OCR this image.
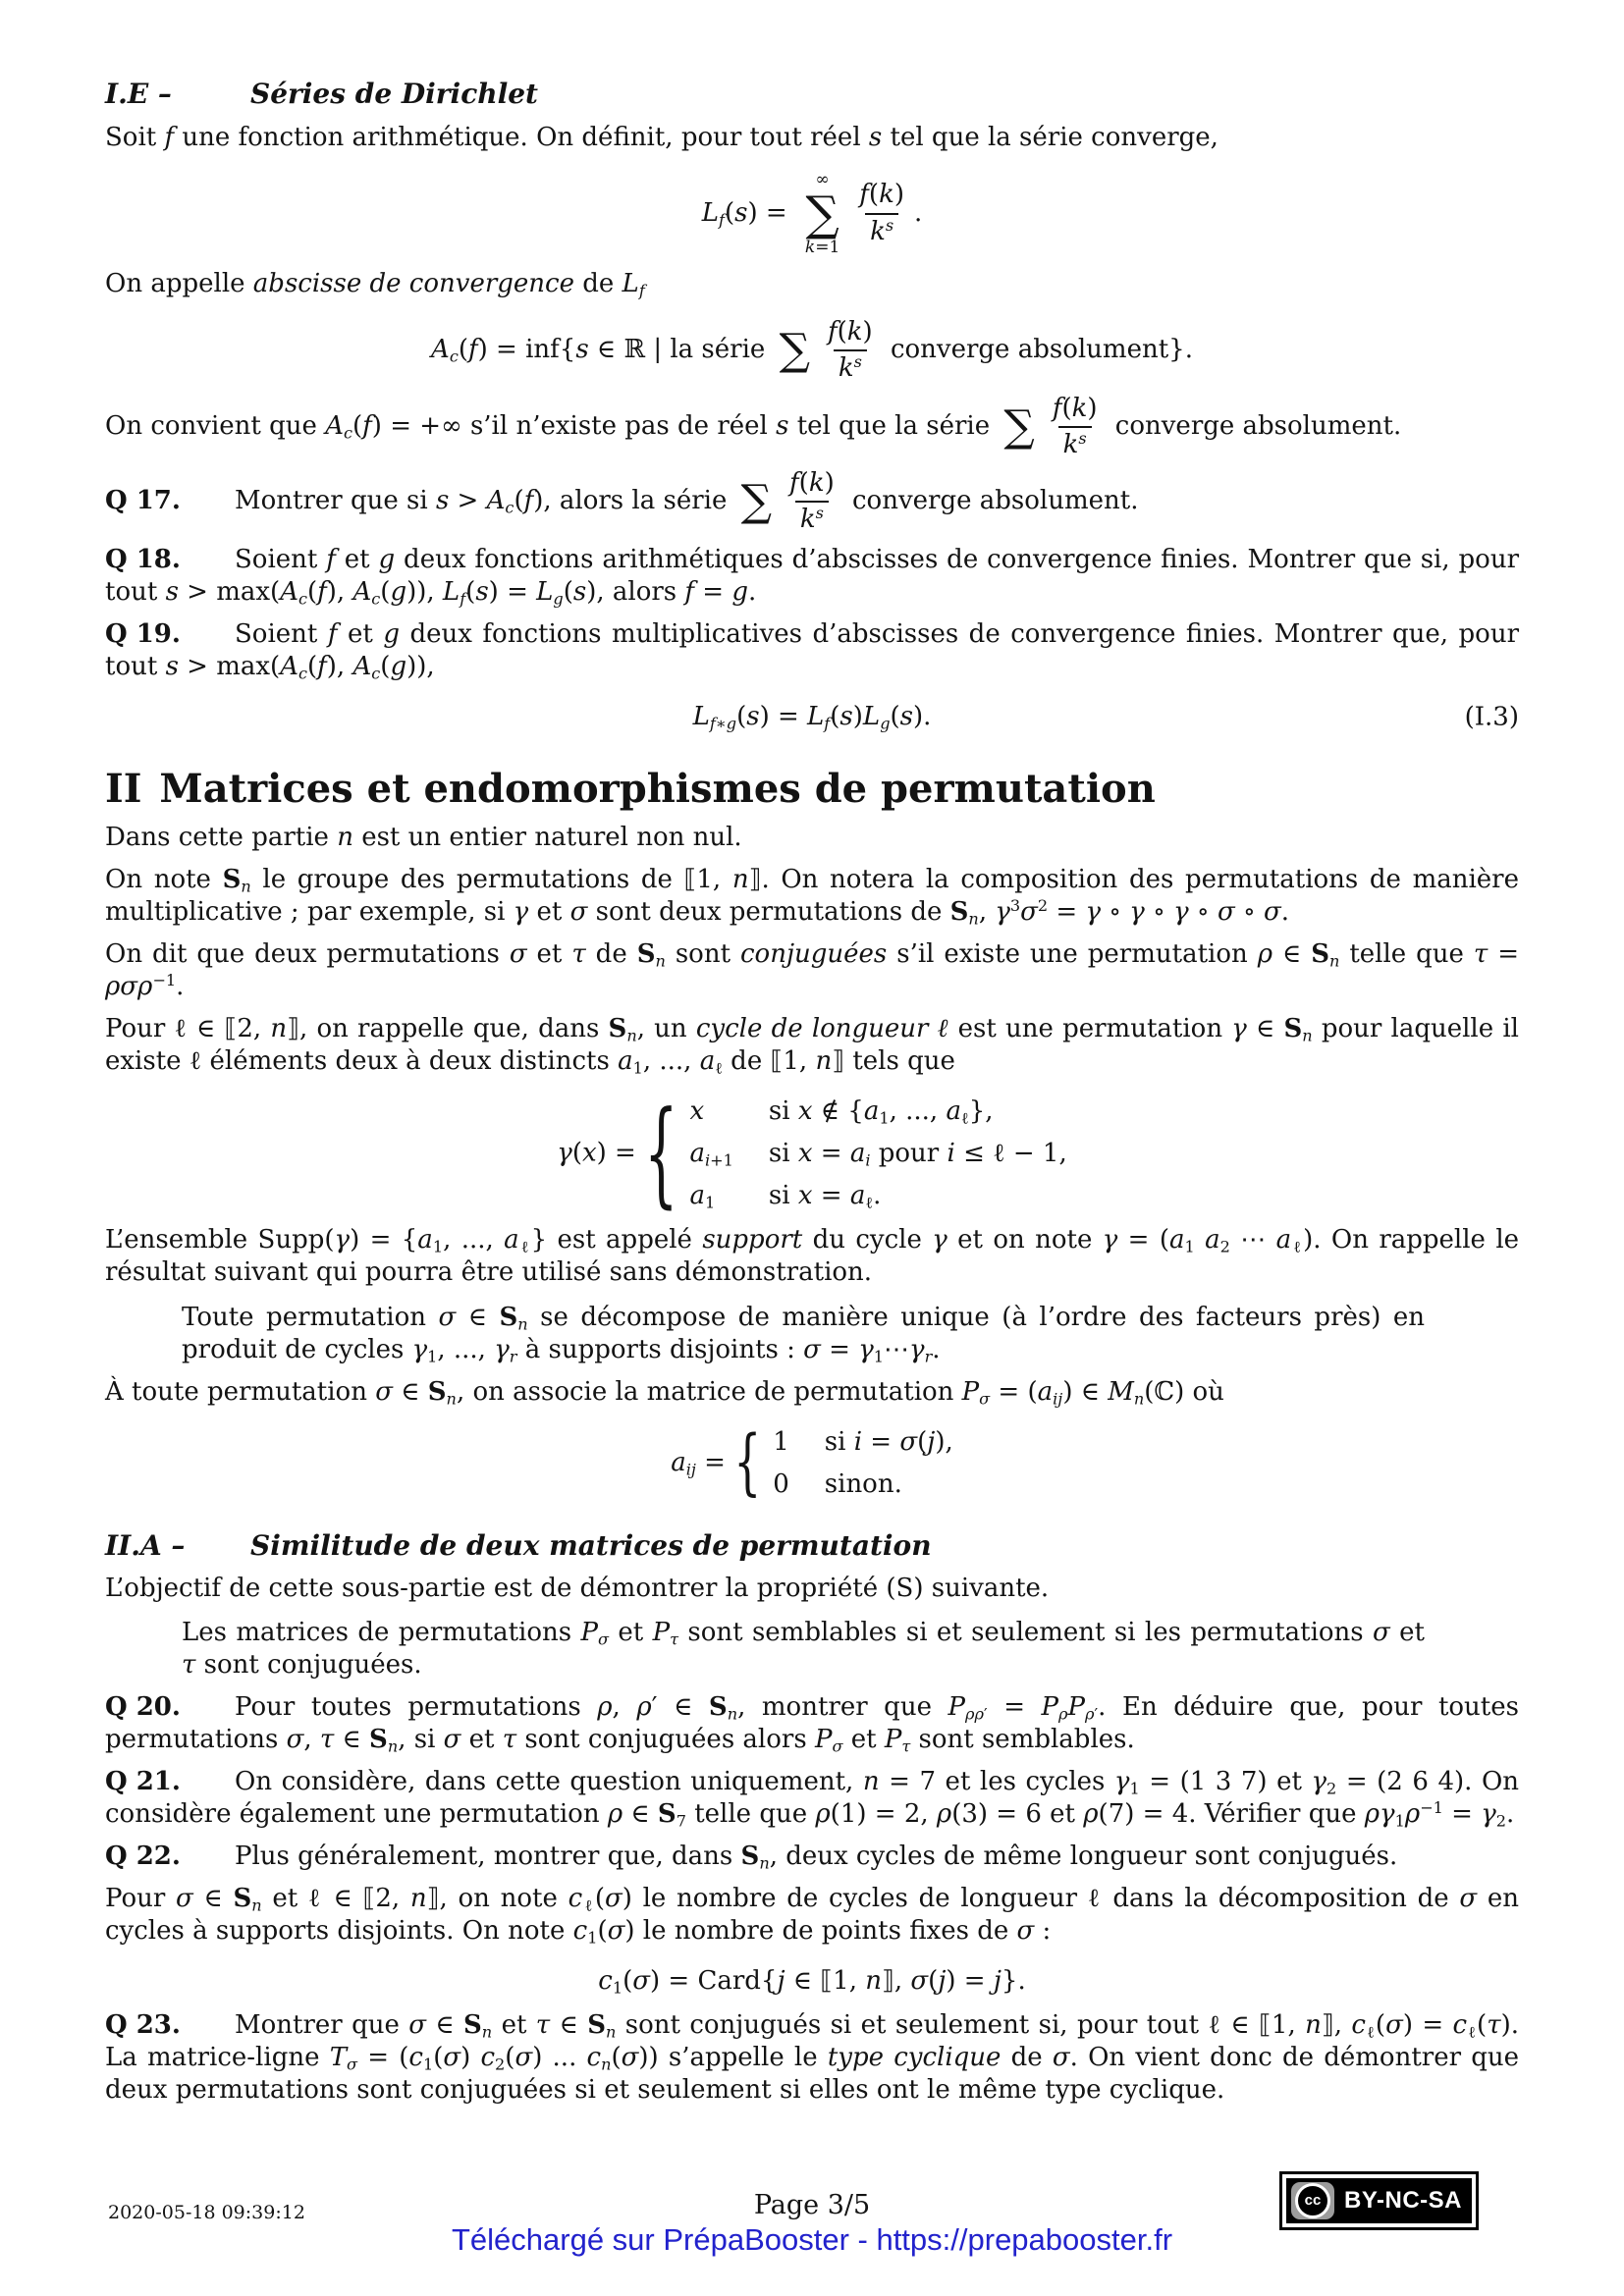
I.E –	Séries de Dirichlet

Soit f une fonction arithmétique. On définit, pour tout réel s tel que la série converge,

$L_f(s)$ =
∞
∑
k=1
$\frac{f(k)}{k^s}$ .

On appelle abscisse de convergence de $L_f$

$A_c(f) = inf\{s$ ∈ ℝ | la série ∑ $\frac{f(k)}{k^s}$ converge absolument}.

On convient que $A_c(f)$ = +∞ s’il n’existe pas de réel s tel que la série ∑ $\frac{f(k)}{k^s}$ converge absolument.

Q 17. Montrer que si $s > A_c(f)$, alors la série ∑ $\frac{f(k)}{k^s}$ converge absolument.

Q 18. Soient f et g deux fonctions arithmétiques d’abscisses de convergence finies. Montrer que si, pour tout $s > \max(A_c(f)$, $A_c(g)$), $L_f(s) = L_g(s)$, alors f = g.

Q 19. Soient f et g deux fonctions multiplicatives d’abscisses de convergence finies. Montrer que, pour tout $s > \max(A_c(f)$, $A_c(g)$),

$L_{f∗g}(s) = L_f(s)L_g(s)$.	(I.3)
II Matrices et endomorphismes de permutation

Dans cette partie n est un entier naturel non nul.

On note $S_n$ le groupe des permutations de ⟦1, n⟧. On notera la composition des permutations de manière multiplicative ; par exemple, si γ et σ sont deux permutations de $S_n$, $\gamma^3\sigma^2 = \gamma$ ∘ γ ∘ γ ∘ σ ∘ σ.

On dit que deux permutations σ et τ de $S_n$ sont conjuguées s’il existe une permutation ρ ∈ $S_n$ telle que τ = ρσρ$^{-1}$.

Pour ℓ ∈ ⟦2, n⟧, on rappelle que, dans $S_n$, un cycle de longueur ℓ est une permutation γ ∈ $S_n$ pour laquelle il existe ℓ éléments deux à deux distincts $a_1$, ..., $a_\ell$ de ⟦1, n⟧ tels que

γ(x) = { x	si x ∉ {$a_1$, ..., $a_\ell$},
$a_{i+1}$ si $x = a_i$ pour i ≤ ℓ − 1,
$a_1$	si $x = a_\ell$.

L’ensemble Supp(γ) = {$a_1$, ..., $a_\ell$} est appelé support du cycle γ et on note $\gamma = (a_1$ $a_2$ ⋯ $a_\ell$). On rappelle le résultat suivant qui pourra être utilisé sans démonstration.

Toute permutation σ ∈ $S_n$ se décompose de manière unique (à l’ordre des facteurs près) en produit de cycles $\gamma_1$, ..., $\gamma_r$ à supports disjoints : $\sigma = \gamma_1\cdots\gamma_r$.

À toute permutation σ ∈ $S_n$, on associe la matrice de permutation $P_\sigma = (a_{ij})$ ∈ $M_n(ℂ)$ où

$a_{ij}$ = { 1 si i = σ(j),
0 sinon.
II.A – Similitude de deux matrices de permutation

L’objectif de cette sous-partie est de démontrer la propriété (S) suivante.

Les matrices de permutations $P_\sigma$ et $P_\tau$ sont semblables si et seulement si les permutations σ et τ sont conjuguées.

Q 20. Pour toutes permutations ρ, ρ′ ∈ $S_n$, montrer que $P_{\rho\rho'} = P_\rho P_{\rho'}$. En déduire que, pour toutes permutations σ, τ ∈ $S_n$, si σ et τ sont conjuguées alors $P_\sigma$ et $P_\tau$ sont semblables.

Q 21. On considère, dans cette question uniquement, n = 7 et les cycles $\gamma_1 = (1$ 3 7) et $\gamma_2 = (2$ 6 4). On considère également une permutation ρ ∈ $S_7$ telle que ρ(1) = 2, ρ(3) = 6 et ρ(7) = 4. Vérifier que $\rho\gamma_1\rho^{-1} = \gamma_2$.

Q 22. Plus généralement, montrer que, dans $S_n$, deux cycles de même longueur sont conjugués.

Pour σ ∈ $S_n$ et ℓ ∈ ⟦2, n⟧, on note $c_\ell(\sigma)$ le nombre de cycles de longueur ℓ dans la décomposition de σ en cycles à supports disjoints. On note $c_1(\sigma)$ le nombre de points fixes de σ :

$c_1(\sigma)$ = Card{j ∈ ⟦1, n⟧, σ(j) = j}.

Q 23. Montrer que σ ∈ $S_n$ et τ ∈ $S_n$ sont conjugués si et seulement si, pour tout ℓ ∈ ⟦1, n⟧, $c_\ell(\sigma) = c_\ell(\tau)$. La matrice-ligne $T_\sigma = (c_1(\sigma)$ $c_2(\sigma)$ ... $c_n(\sigma)$) s’appelle le type cyclique de σ. On vient donc de démontrer que deux permutations sont conjuguées si et seulement si elles ont le même type cyclique.

2020-05-18 09:39:12	Page 3/5	cc BY-NC-SA
Téléchargé sur PrépaBooster - https://prepabooster.fr
